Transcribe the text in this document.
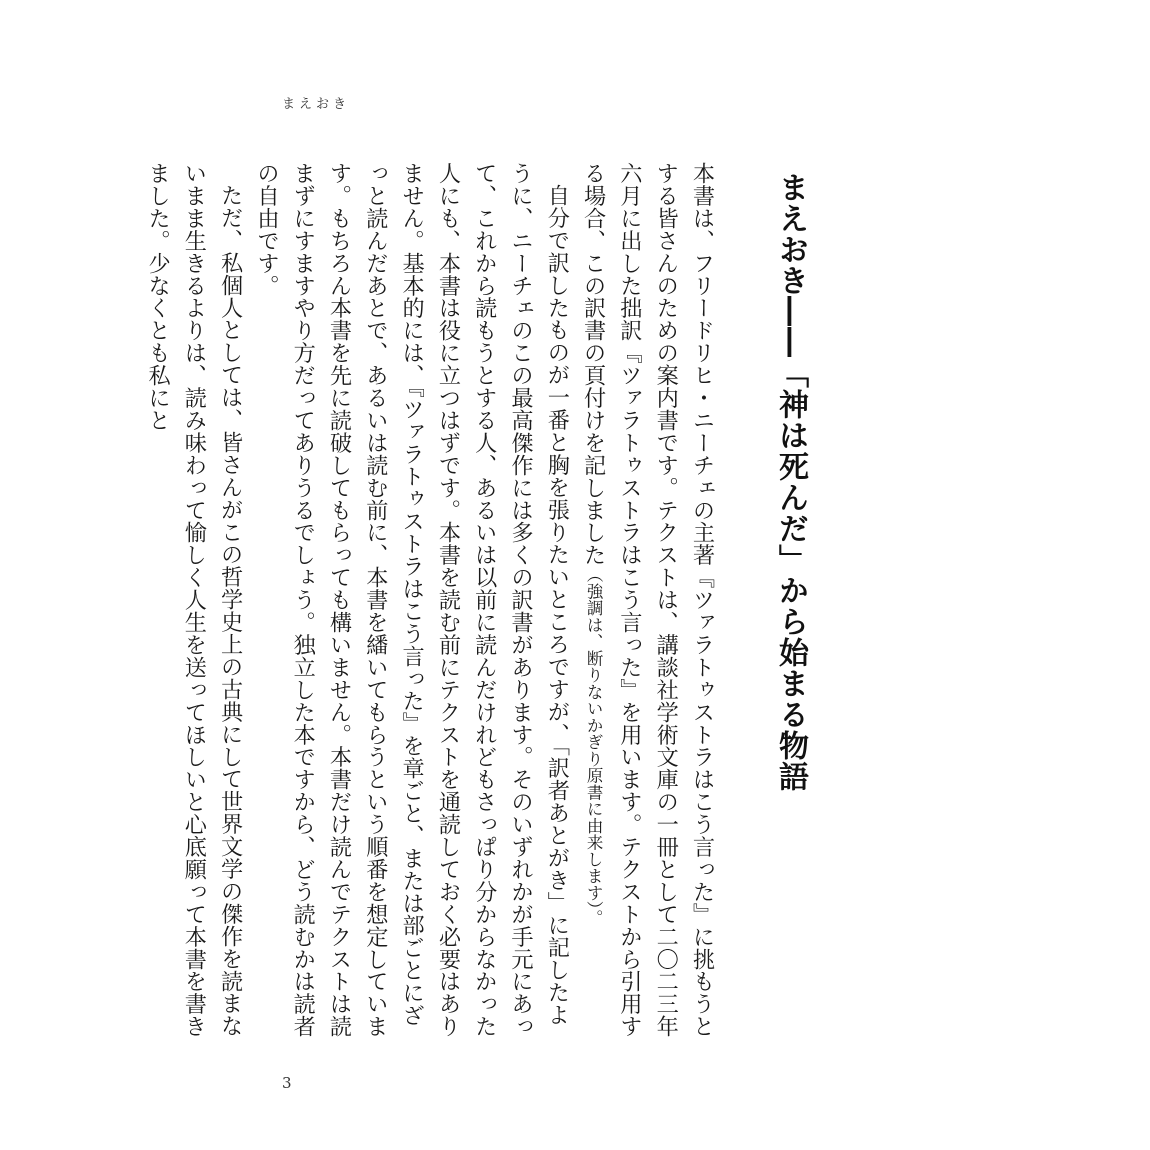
まえおき
まえおき――「神は死んだ」から始まる物語

本書は、フリードリヒ・ニーチェの主著『ツァラトゥストラはこう言った』に挑もうとする皆さんのための案内書です。テクストは、講談社学術文庫の一冊として二〇二三年六月に出した拙訳『ツァラトゥストラはこう言った』を用います。テクストから引用する場合、この訳書の頁付けを記しました（強調は、断りないかぎり原書に由来します）。

自分で訳したものが一番と胸を張りたいところですが、「訳者あとがき」に記したように、ニーチェのこの最高傑作には多くの訳書があります。そのいずれかが手元にあって、これから読もうとする人、あるいは以前に読んだけれどもさっぱり分からなかった人にも、本書は役に立つはずです。本書を読む前にテクストを通読しておく必要はありません。基本的には、『ツァラトゥストラはこう言った』を章ごと、または部ごとにざっと読んだあとで、あるいは読む前に、本書を繙いてもらうという順番を想定しています。もちろん本書を先に読破してもらっても構いません。本書だけ読んでテクストは読まずにすますやり方だってありうるでしょう。独立した本ですから、どう読むかは読者の自由です。

ただ、私個人としては、皆さんがこの哲学史上の古典にして世界文学の傑作を読まないまま生きるよりは、読み味わって愉しく人生を送ってほしいと心底願って本書を書きました。少なくとも私にと

3
